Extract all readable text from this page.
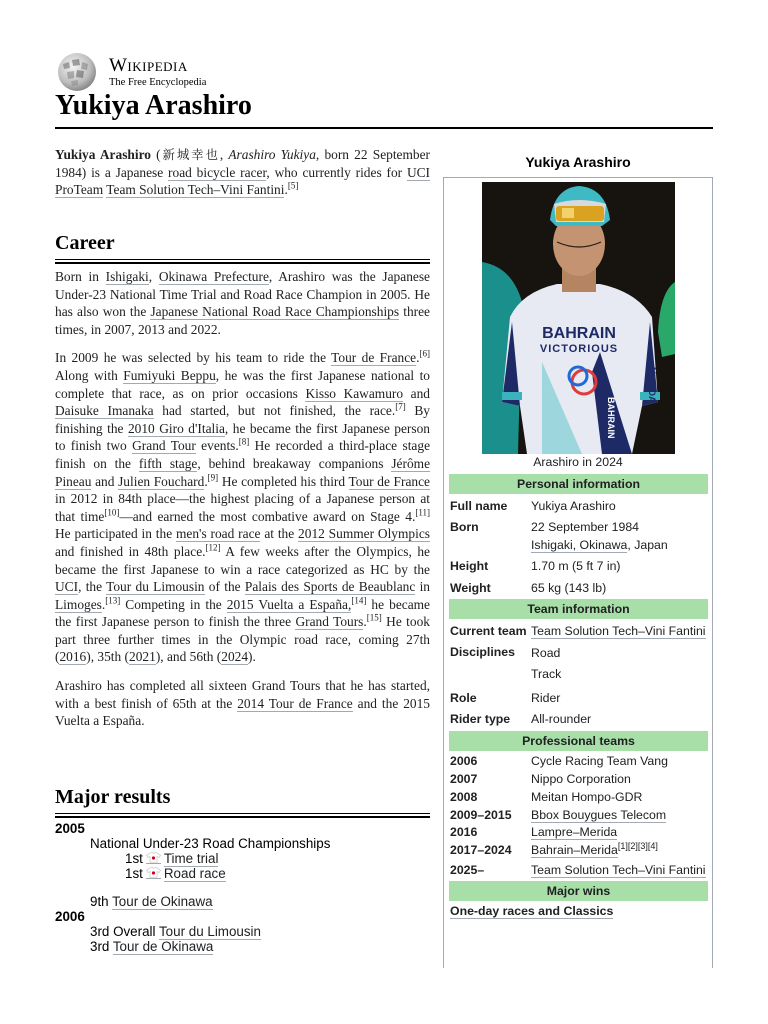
Wikipedia
The Free Encyclopedia
Yukiya Arashiro
Yukiya Arashiro (新城幸也, Arashiro Yukiya, born 22 September 1984) is a Japanese road bicycle racer, who currently rides for UCI ProTeam Team Solution Tech–Vini Fantini.[5]
Career

Born in Ishigaki, Okinawa Prefecture, Arashiro was the Japanese Under-23 National Time Trial and Road Race Champion in 2005. He has also won the Japanese National Road Race Championships three times, in 2007, 2013 and 2022.

In 2009 he was selected by his team to ride the Tour de France.[6] Along with Fumiyuki Beppu, he was the first Japanese national to complete that race, as on prior occasions Kisso Kawamuro and Daisuke Imanaka had started, but not finished, the race.[7] By finishing the 2010 Giro d'Italia, he became the first Japanese person to finish two Grand Tour events.[8] He recorded a third-place stage finish on the fifth stage, behind breakaway companions Jérôme Pineau and Julien Fouchard.[9] He completed his third Tour de France in 2012 in 84th place—the highest placing of a Japanese person at that time[10]—and earned the most combative award on Stage 4.[11] He participated in the men's road race at the 2012 Summer Olympics and finished in 48th place.[12] A few weeks after the Olympics, he became the first Japanese to win a race categorized as HC by the UCI, the Tour du Limousin of the Palais des Sports de Beaublanc in Limoges.[13] Competing in the 2015 Vuelta a España,[14] he became the first Japanese person to finish the three Grand Tours.[15] He took part three further times in the Olympic road race, coming 27th (2016), 35th (2021), and 56th (2024).

Arashiro has completed all sixteen Grand Tours that he has started, with a best finish of 65th at the 2014 Tour de France and the 2015 Vuelta a España.

Major results
2005
National Under-23 Road Championships
1st Time trial
1st Road race
9th Tour de Okinawa
2006
3rd Overall Tour du Limousin
3rd Tour de Okinawa
Yukiya Arashiro
BAHRAIN
VICTORIOUS
MERIDA
BAHRAIN
Arashiro in 2024
Personal information
Full name Yukiya Arashiro
Born	22 September 1984
Ishigaki, Okinawa, Japan
Height	1.70 m (5 ft 7 in)
Weight	65 kg (143 lb)
Team information
Current team Team Solution Tech–Vini Fantini
Disciplines Road
Track
Role	Rider
Rider type All-rounder
Professional teams
2006	Cycle Racing Team Vang
2007	Nippo Corporation
2008	Meitan Hompo-GDR
2009–2015 Bbox Bouygues Telecom
2016	Lampre–Merida
2017–2024 Bahrain–Merida[1][2][3][4]
2025–	Team Solution Tech–Vini Fantini
Major wins
One-day races and Classics
